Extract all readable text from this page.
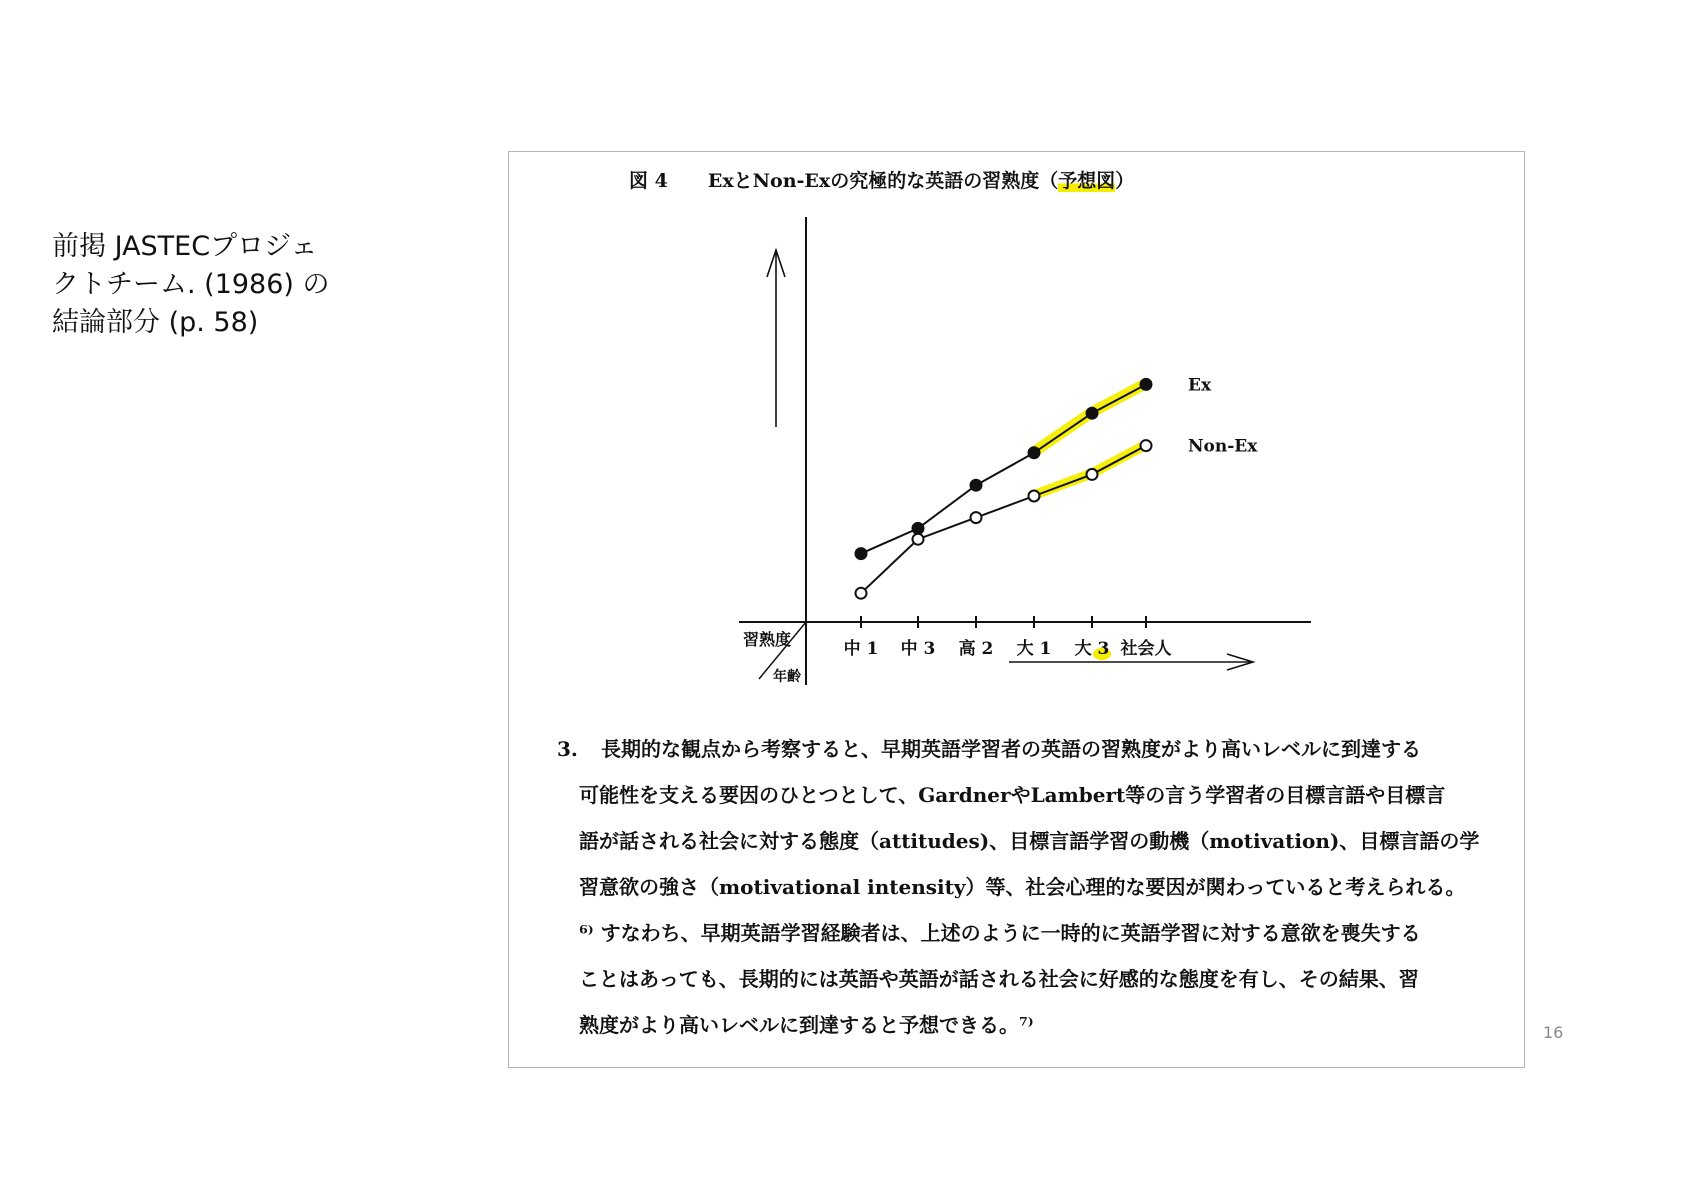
前掲 JASTECプロジェ
クトチーム. (1986) の
結論部分 (p. 58)
図 4 ExとNon-Exの究極的な英語の習熟度（予想図）
中 1 中 3 高 2 大 1 大 3 社会人
習熟度
年齢
Ex
Non-Ex
3.	長期的な観点から考察すると、早期英語学習者の英語の習熟度がより高いレベルに到達する

可能性を支える要因のひとつとして、GardnerやLambert等の言う学習者の目標言語や目標言

語が話される社会に対する態度（attitudes)、目標言語学習の動機（motivation)、目標言語の学

習意欲の強さ（motivational intensity）等、社会心理的な要因が関わっていると考えられる。

⁶⁾ すなわち、早期英語学習経験者は、上述のように一時的に英語学習に対する意欲を喪失する

ことはあっても、長期的には英語や英語が話される社会に好感的な態度を有し、その結果、習

熟度がより高いレベルに到達すると予想できる。⁷⁾	16
